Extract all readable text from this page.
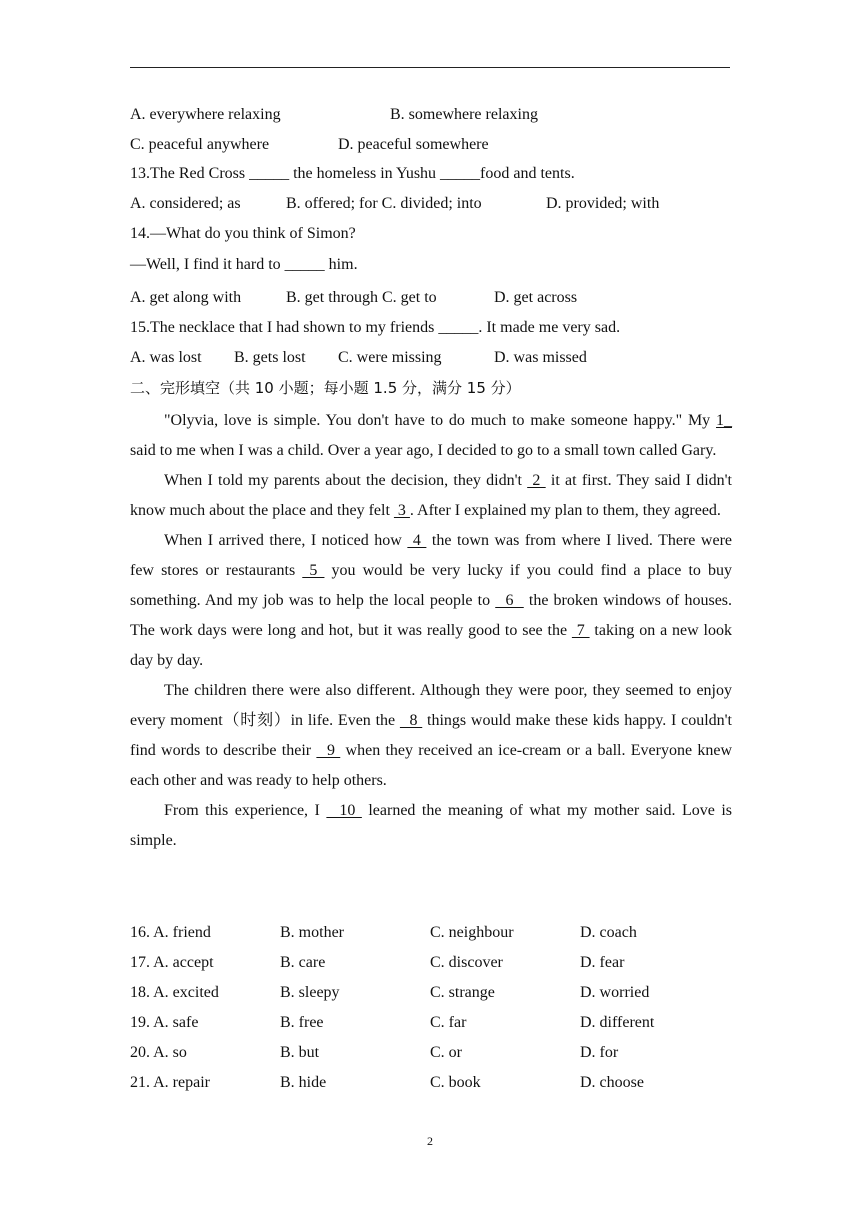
A. everywhere relaxing	B. somewhere relaxing
C. peaceful anywhere	D. peaceful somewhere
13.The Red Cross _____ the homeless in Yushu _____food and tents.
A. considered; as	B. offered; for C. divided; into	D. provided; with
14.—What do you think of Simon?
—Well, I find it hard to _____ him.
A. get along with	B. get through C. get to	D. get across
15.The necklace that I had shown to my friends _____. It made me very sad.
A. was lost B. gets lost C. were missing	D. was missed
二、完形填空（共 10 小题；每小题 1.5 分，满分 15 分）

"Olyvia, love is simple. You don't have to do much to make someone happy." My 1_ said to me when I was a child. Over a year ago, I decided to go to a small town called Gary.

When I told my parents about the decision, they didn't  2  it at first. They said I didn't know much about the place and they felt  3 . After I explained my plan to them, they agreed.

When I arrived there, I noticed how  4  the town was from where I lived. There were few stores or restaurants  5  you would be very lucky if you could find a place to buy something. And my job was to help the local people to   6   the broken windows of houses. The work days were long and hot, but it was really good to see the  7  taking on a new look day by day.

The children there were also different. Although they were poor, they seemed to enjoy every moment（时刻）in life. Even the   8  things would make these kids happy. I couldn't find words to describe their   9  when they received an ice-cream or a ball. Everyone knew each other and was ready to help others.

From this experience, I   10  learned the meaning of what my mother said. Love is simple.

16. A. friend	B. mother	C. neighbour	D. coach
17. A. accept	B. care	C. discover	D. fear
18. A. excited	B. sleepy	C. strange	D. worried
19. A. safe	B. free	C. far	D. different
20. A. so	B. but	C. or	D. for
21. A. repair	B. hide	C. book	D. choose
2
